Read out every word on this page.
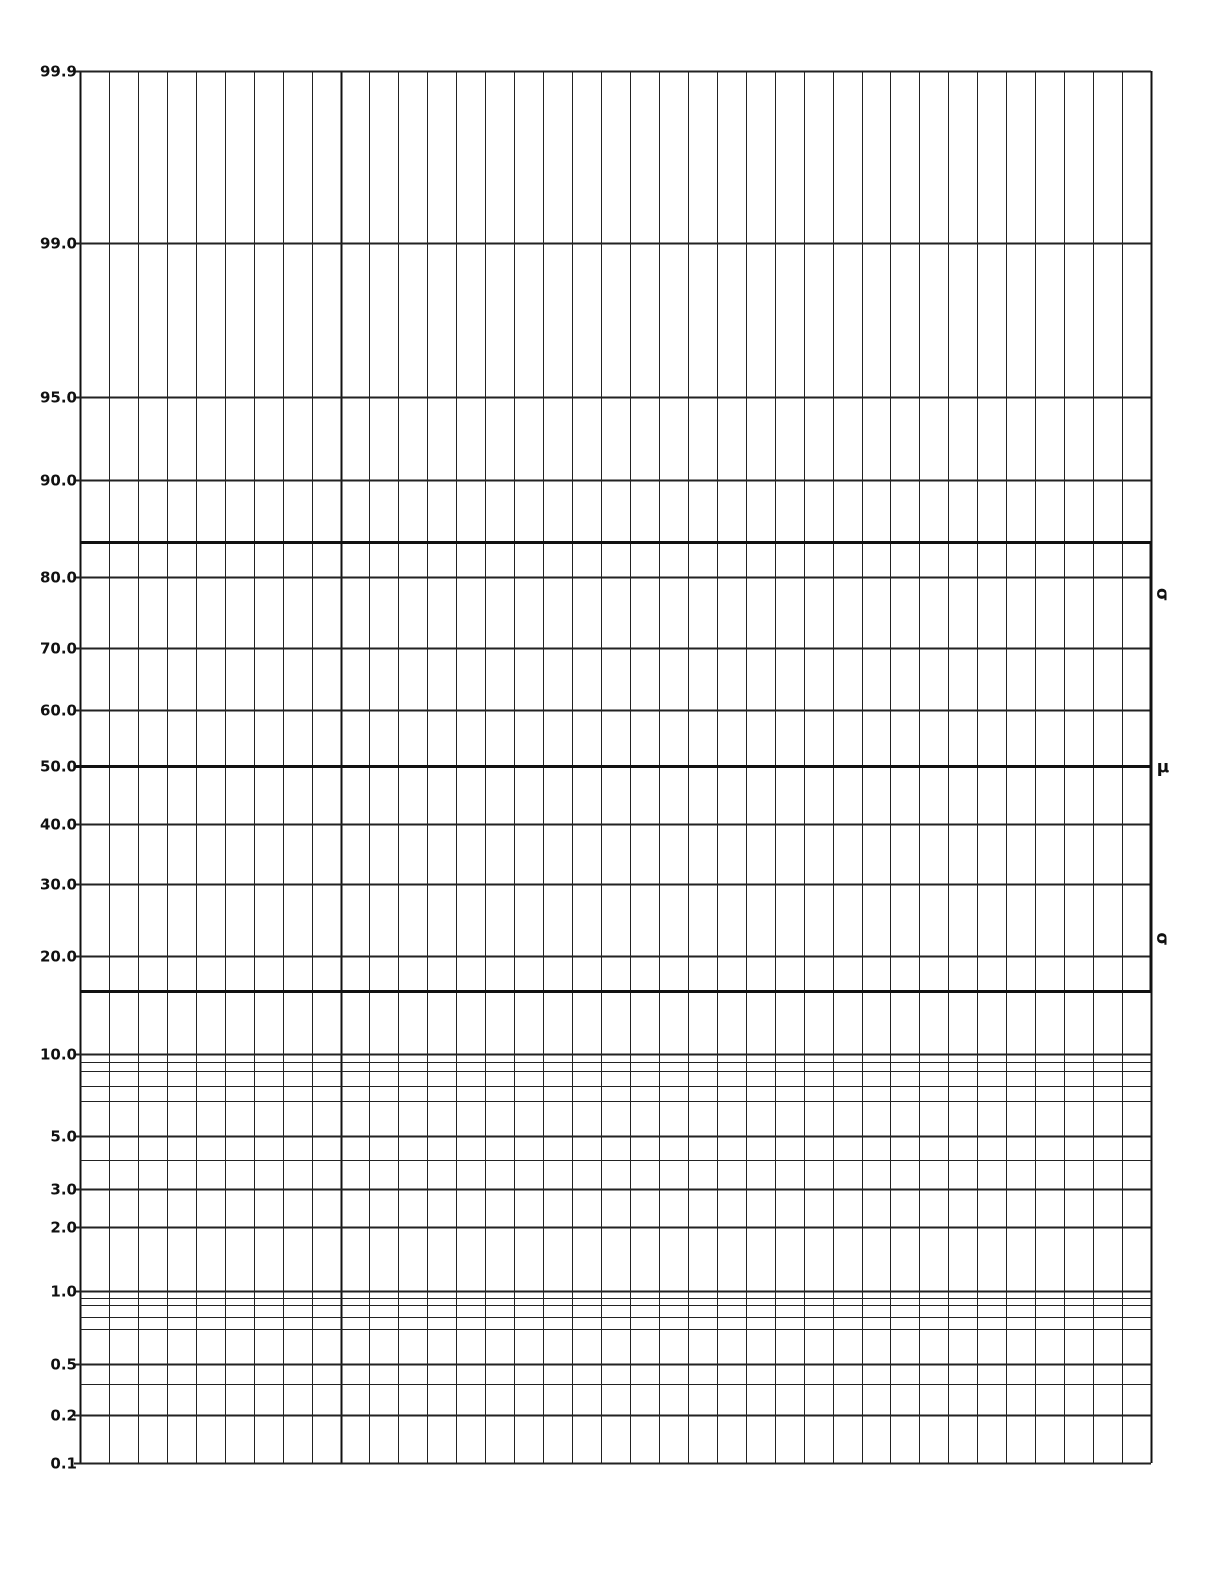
99.9
99.0
95.0
90.0
80.0
70.0
60.0
50.0
40.0
30.0
20.0
10.0
5.0
3.0
2.0
1.0
0.5
0.2
0.1
σ
μ
σ
